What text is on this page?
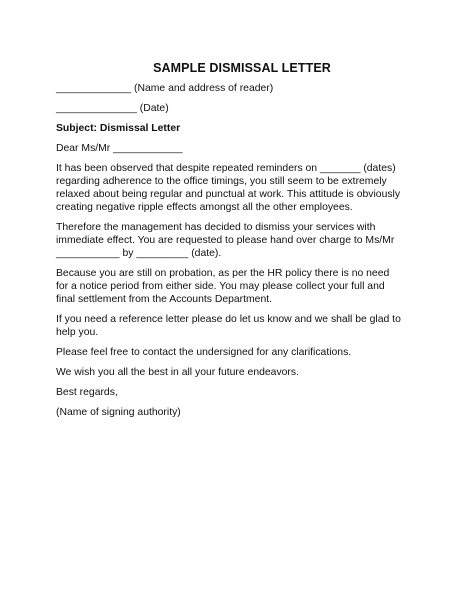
SAMPLE DISMISSAL LETTER
_____________ (Name and address of reader)
______________ (Date)
Subject: Dismissal Letter
Dear Ms/Mr ____________
It has been observed that despite repeated reminders on _______ (dates)
regarding adherence to the office timings, you still seem to be extremely
relaxed about being regular and punctual at work. This attitude is obviously
creating negative ripple effects amongst all the other employees.
Therefore the management has decided to dismiss your services with
immediate effect. You are requested to please hand over charge to Ms/Mr
___________ by _________ (date).
Because you are still on probation, as per the HR policy there is no need
for a notice period from either side. You may please collect your full and
final settlement from the Accounts Department.
If you need a reference letter please do let us know and we shall be glad to
help you.
Please feel free to contact the undersigned for any clarifications.
We wish you all the best in all your future endeavors.
Best regards,
(Name of signing authority)
